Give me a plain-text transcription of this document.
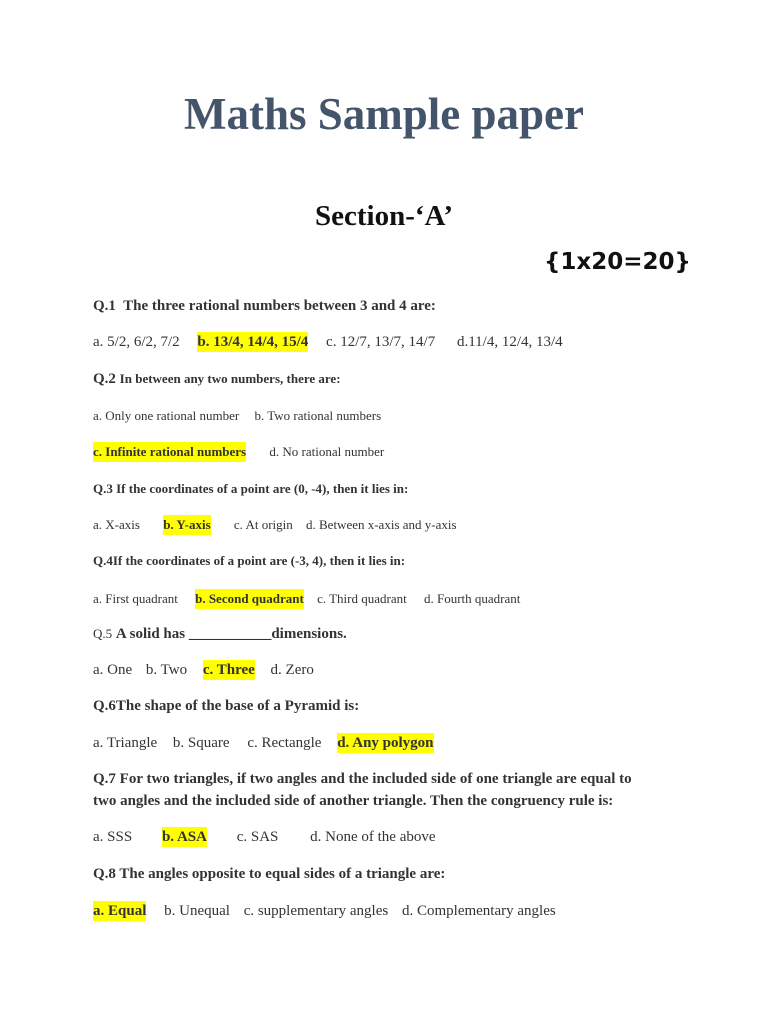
Maths Sample paper
Section-‘A’
{1x20=20}
Q.1 The three rational numbers between 3 and 4 are:
a. 5/2, 6/2, 7/2 b. 13/4, 14/4, 15/4 c. 12/7, 13/7, 14/7 d.11/4, 12/4, 13/4
Q.2 In between any two numbers, there are:
a. Only one rational number b. Two rational numbers
c. Infinite rational numbers d. No rational number
Q.3 If the coordinates of a point are (0, -4), then it lies in:
a. X-axis b. Y-axis c. At origin d. Between x-axis and y-axis
Q.4If the coordinates of a point are (-3, 4), then it lies in:
a. First quadrant b. Second quadrant c. Third quadrant d. Fourth quadrant
Q.5 A solid has ___________dimensions.
a. One b. Two c. Three d. Zero
Q.6The shape of the base of a Pyramid is:
a. Triangle b. Square c. Rectangle d. Any polygon
Q.7 For two triangles, if two angles and the included side of one triangle are equal to
two angles and the included side of another triangle. Then the congruency rule is:
a. SSS b. ASA c. SAS d. None of the above
Q.8 The angles opposite to equal sides of a triangle are:
a. Equal b. Unequal c. supplementary angles d. Complementary angles
